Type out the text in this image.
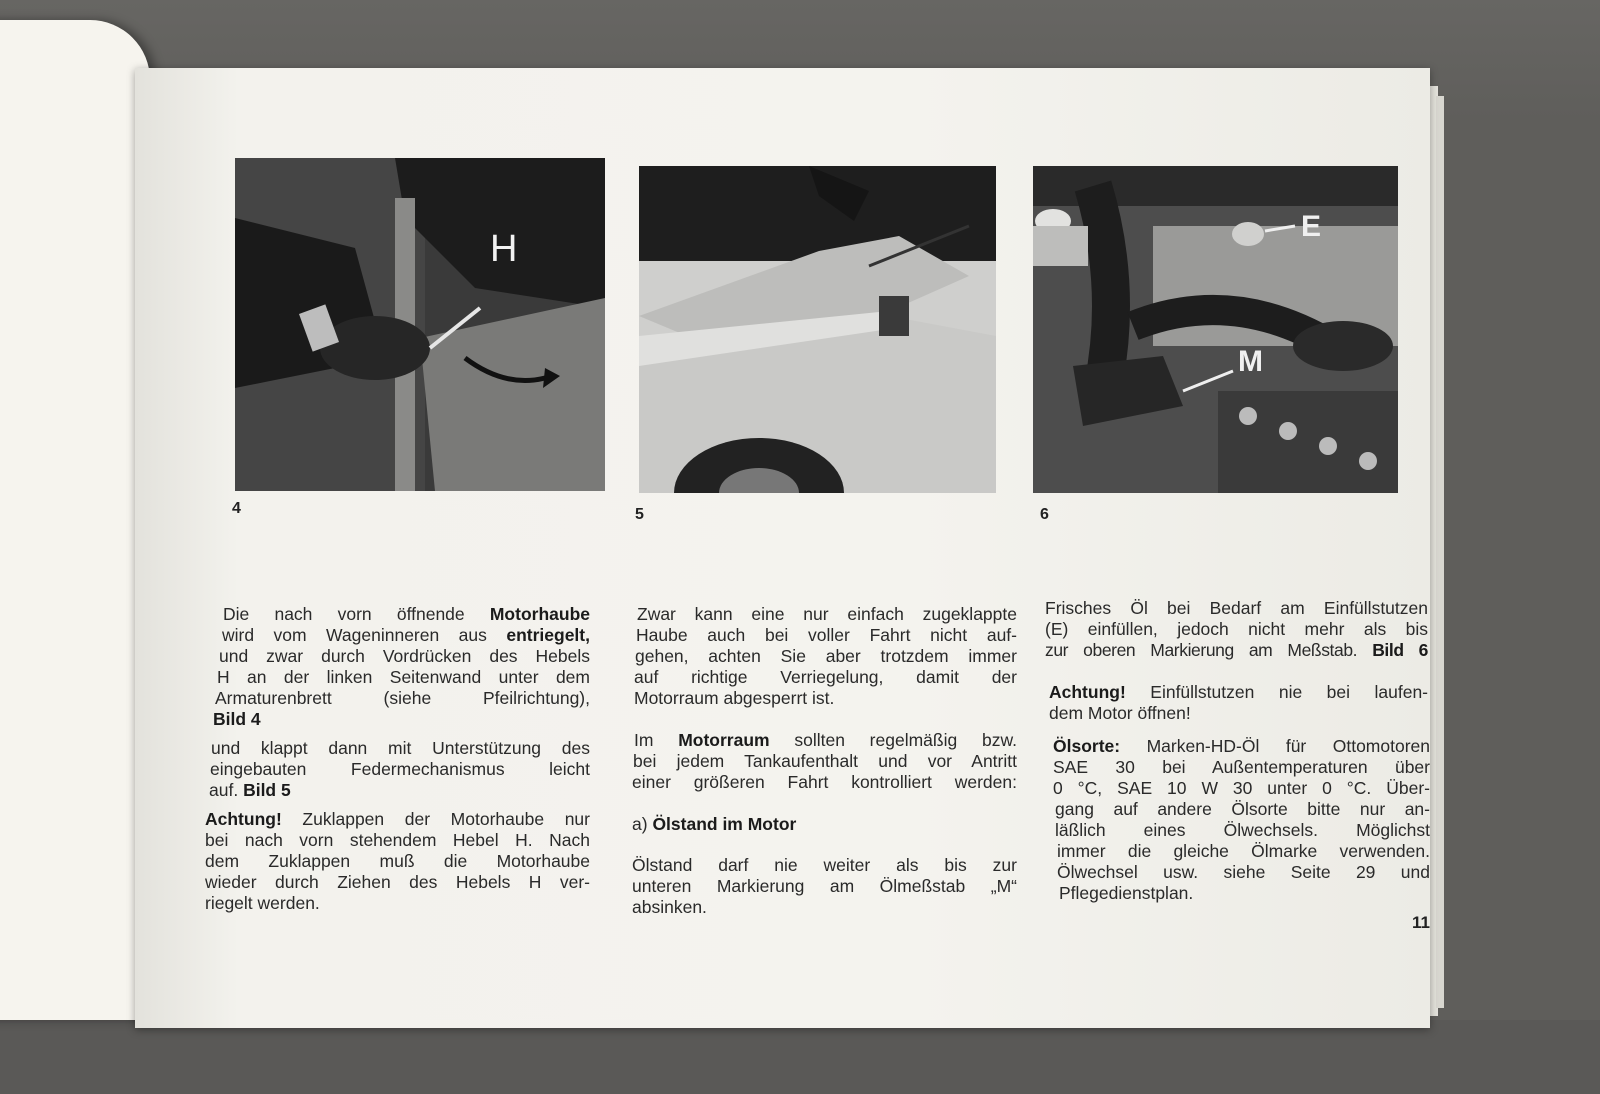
H
4	5
E
M
6

Die nach vorn öffnende Motorhaube

wird vom Wageninneren aus entriegelt,

und zwar durch Vordrücken des Hebels

H an der linken Seitenwand unter dem

Armaturenbrett (siehe Pfeilrichtung),

Bild 4

und klappt dann mit Unterstützung des

eingebauten Federmechanismus leicht

auf. Bild 5

Achtung! Zuklappen der Motorhaube nur

bei nach vorn stehendem Hebel H. Nach

dem Zuklappen muß die Motorhaube

wieder durch Ziehen des Hebels H ver-

riegelt werden.

Zwar kann eine nur einfach zugeklappte

Haube auch bei voller Fahrt nicht auf-

gehen, achten Sie aber trotzdem immer

auf richtige Verriegelung, damit der

Motorraum abgesperrt ist.

Im Motorraum sollten regelmäßig bzw.

bei jedem Tankaufenthalt und vor Antritt

einer größeren Fahrt kontrolliert werden:

a) Ölstand im Motor

Ölstand darf nie weiter als bis zur

unteren Markierung am Ölmeßstab „M“

absinken.

Frisches Öl bei Bedarf am Einfüllstutzen

(E) einfüllen, jedoch nicht mehr als bis

zur oberen Markierung am Meßstab. Bild 6

Achtung! Einfüllstutzen nie bei laufen-

dem Motor öffnen!

Ölsorte: Marken-HD-Öl für Ottomotoren

SAE 30 bei Außentemperaturen über

0 °C, SAE 10 W 30 unter 0 °C. Über-

gang auf andere Ölsorte bitte nur an-

läßlich eines Ölwechsels. Möglichst

immer die gleiche Ölmarke verwenden.

Ölwechsel usw. siehe Seite 29 und

Pflegedienstplan.

11
